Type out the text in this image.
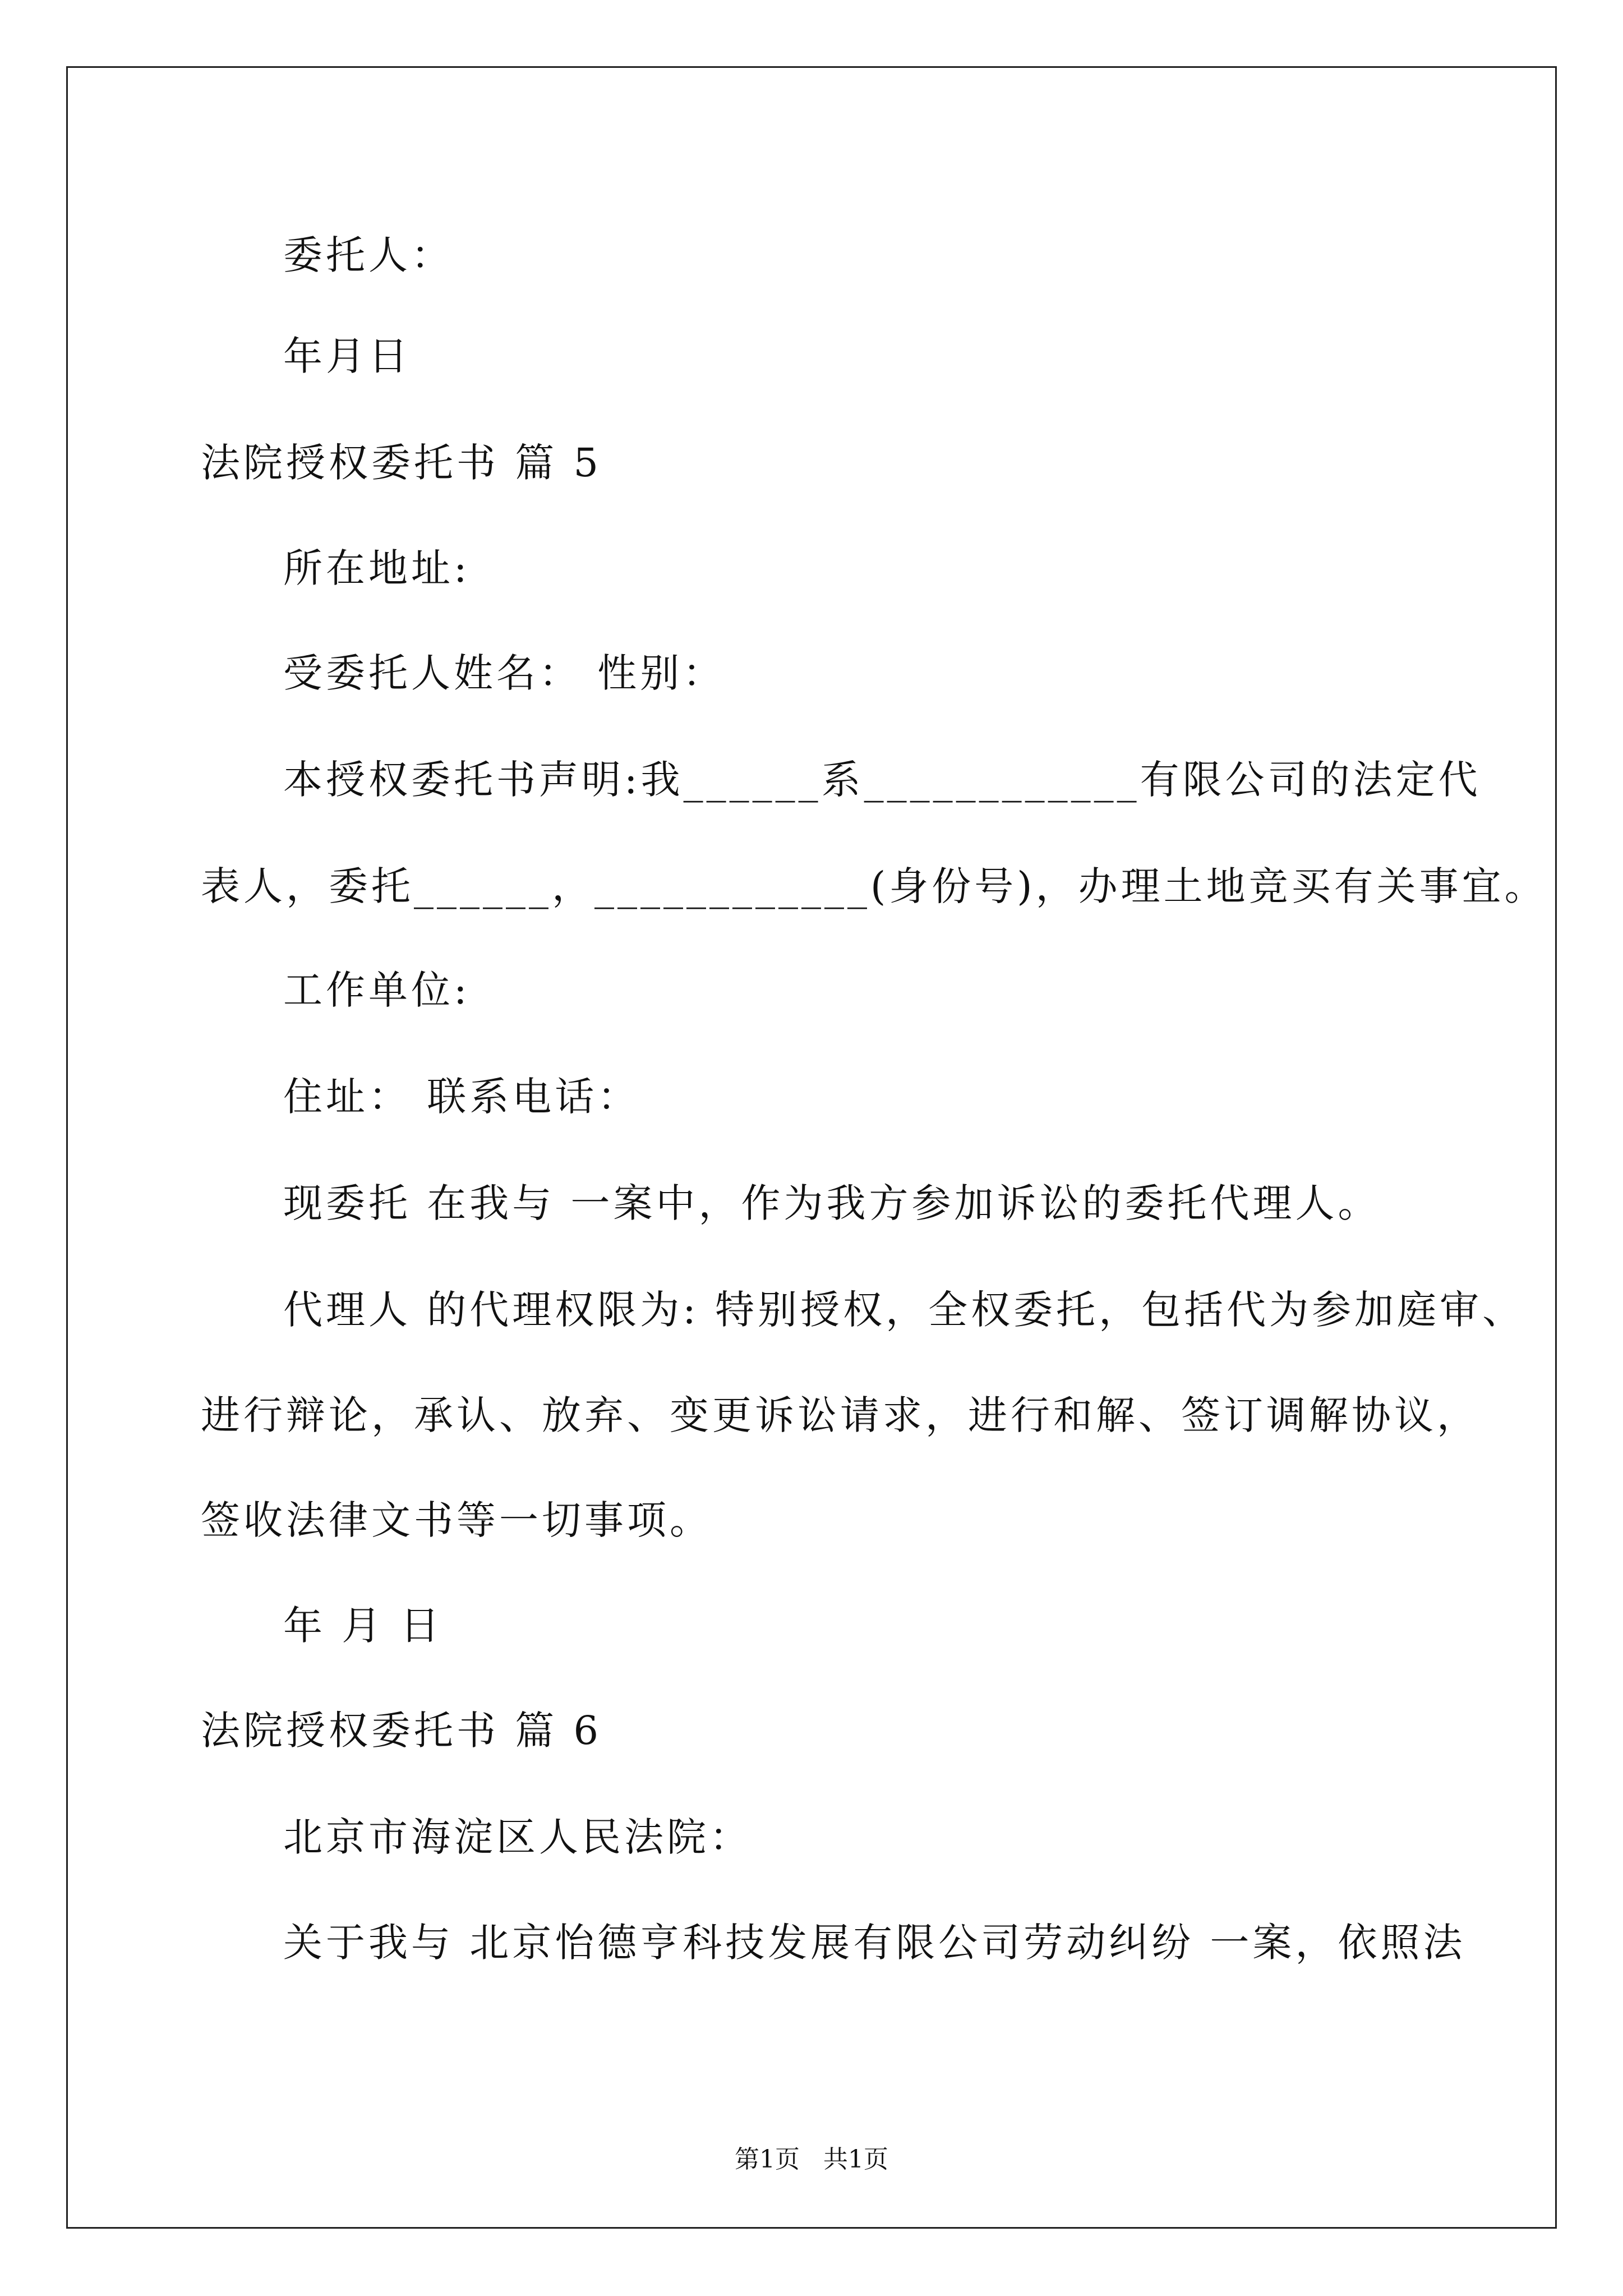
委托人：
年月日
法院授权委托书 篇 5
所在地址:
受委托人姓名： 性别：
本授权委托书声明:我______系____________有限公司的法定代
表人，委托______，____________(身份号)，办理土地竞买有关事宜。
工作单位:
住址： 联系电话：
现委托 在我与 一案中，作为我方参加诉讼的委托代理人。
代理人 的代理权限为: 特别授权，全权委托，包括代为参加庭审、
进行辩论，承认、放弃、变更诉讼请求，进行和解、签订调解协议，
签收法律文书等一切事项。
年 月 日
法院授权委托书 篇 6
北京市海淀区人民法院：
关于我与 北京怡德亨科技发展有限公司劳动纠纷 一案，依照法
第1页   共1页
